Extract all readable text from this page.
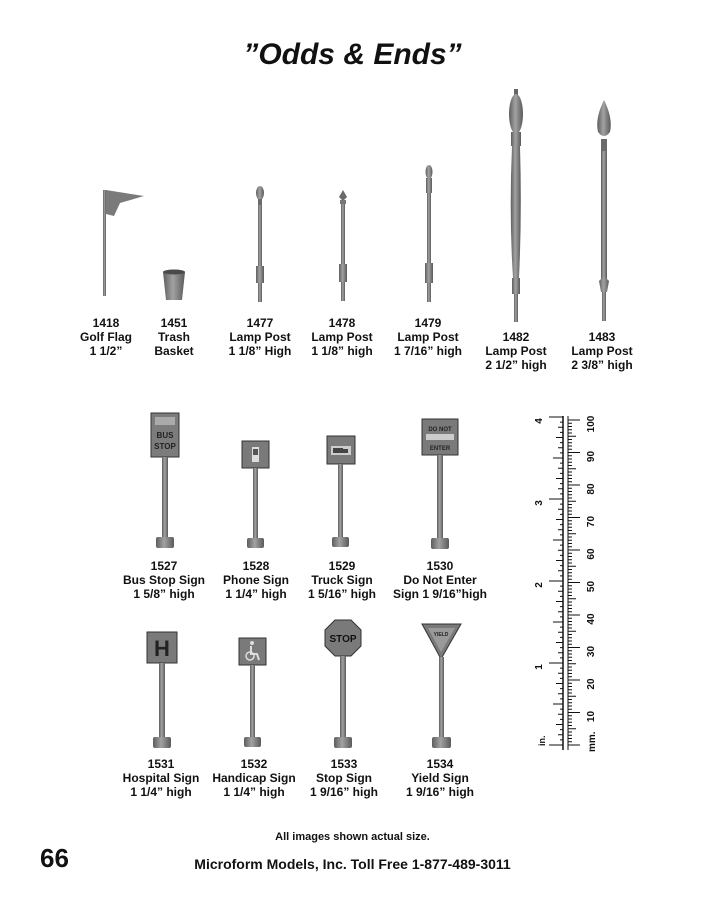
”Odds & Ends”
BUS
STOP
DO NOT
ENTER
H	STOP	YIELD
1
2
3
4
10
20
30
40
50
60
70
80
90
100
in.	mm.
1418
Golf Flag
1 1/2”
1451
Trash
Basket
1477
Lamp Post
1 1/8” High
1478
Lamp Post
1 1/8” high
1479
Lamp Post
1 7/16” high
1482
Lamp Post
2 1/2” high
1483
Lamp Post
2 3/8” high
1527
Bus Stop Sign
1 5/8” high
1528
Phone Sign
1 1/4” high
1529
Truck Sign
1 5/16” high
1530
Do Not Enter
Sign 1 9/16”high
1531
Hospital Sign
1 1/4” high
1532
Handicap Sign
1 1/4” high
1533
Stop Sign
1 9/16” high
1534
Yield Sign
1 9/16” high
All images shown actual size.
66	Microform Models, Inc. Toll Free 1-877-489-3011
